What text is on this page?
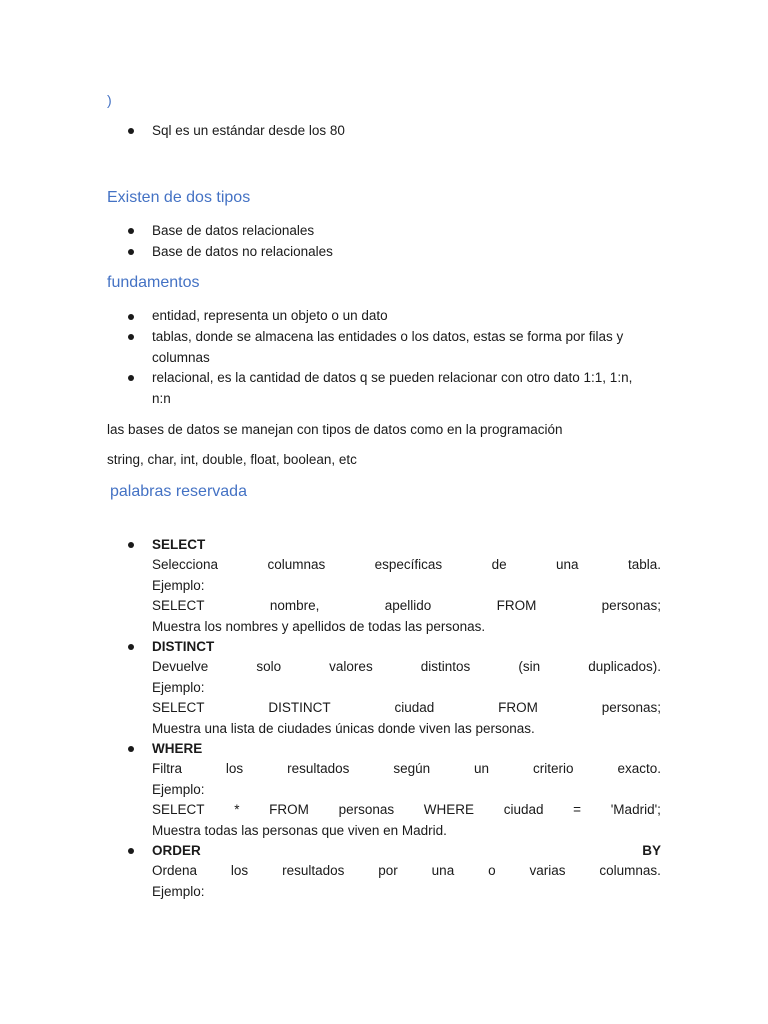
)
Sql es un estándar desde los 80
Existen de dos tipos
Base de datos relacionales
Base de datos no relacionales
fundamentos
entidad, representa un objeto o un dato
tablas, donde se almacena las entidades o los datos, estas se forma por filas y columnas
relacional, es la cantidad de datos q se pueden relacionar con otro dato 1:1, 1:n, n:n
las bases de datos se manejan con tipos de datos como en la programación
string, char, int, double, float, boolean, etc
palabras reservada
SELECT
Selecciona	columnas	específicas	de	una	tabla.
Ejemplo:
SELECT	nombre,	apellido	FROM	personas;
Muestra los nombres y apellidos de todas las personas.
DISTINCT
Devuelve	solo	valores	distintos	(sin	duplicados).
Ejemplo:
SELECT	DISTINCT	ciudad	FROM	personas;
Muestra una lista de ciudades únicas donde viven las personas.
WHERE
Filtra	los	resultados	según	un	criterio	exacto.
Ejemplo:
SELECT * FROM personas WHERE ciudad = 'Madrid';
Muestra todas las personas que viven en Madrid.
ORDER	BY
Ordena	los	resultados	por	una	o	varias	columnas.
Ejemplo:
